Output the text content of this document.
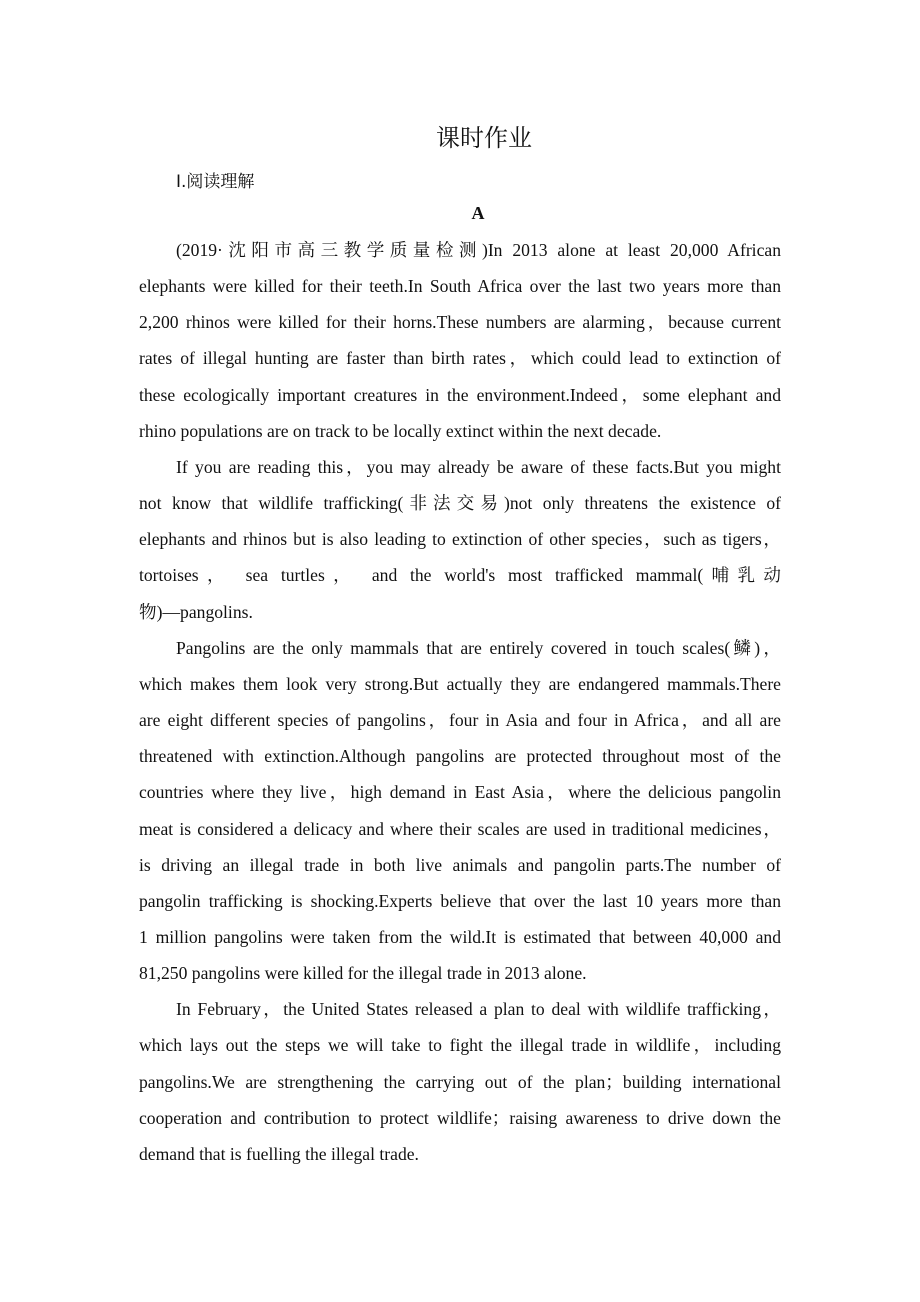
课时作业
Ⅰ.阅读理解
A
(2019·沈阳市高三教学质量检测)In 2013 alone at least 20,000 African
elephants were killed for their teeth.In South Africa over the last two years more than
2,200 rhinos were killed for their horns.These numbers are alarming，because current
rates of illegal hunting are faster than birth rates，which could lead to extinction of
these ecologically important creatures in the environment.Indeed，some elephant and
rhino populations are on track to be locally extinct within the next decade.
If you are reading this，you may already be aware of these facts.But you might
not know that wildlife trafficking(非法交易)not only threatens the existence of
elephants and rhinos but is also leading to extinction of other species，such as tigers，
tortoises， sea turtles， and the world's most trafficked mammal(哺乳动
物)—pangolins.
Pangolins are the only mammals that are entirely covered in touch scales(鳞)，
which makes them look very strong.But actually they are endangered mammals.There
are eight different species of pangolins，four in Asia and four in Africa，and all are
threatened with extinction.Although pangolins are protected throughout most of the
countries where they live，high demand in East Asia，where the delicious pangolin
meat is considered a delicacy and where their scales are used in traditional medicines，
is driving an illegal trade in both live animals and pangolin parts.The number of
pangolin trafficking is shocking.Experts believe that over the last 10 years more than
1 million pangolins were taken from the wild.It is estimated that between 40,000 and
81,250 pangolins were killed for the illegal trade in 2013 alone.
In February，the United States released a plan to deal with wildlife trafficking，
which lays out the steps we will take to fight the illegal trade in wildlife，including
pangolins.We are strengthening the carrying out of the plan；building international
cooperation and contribution to protect wildlife；raising awareness to drive down the
demand that is fuelling the illegal trade.
